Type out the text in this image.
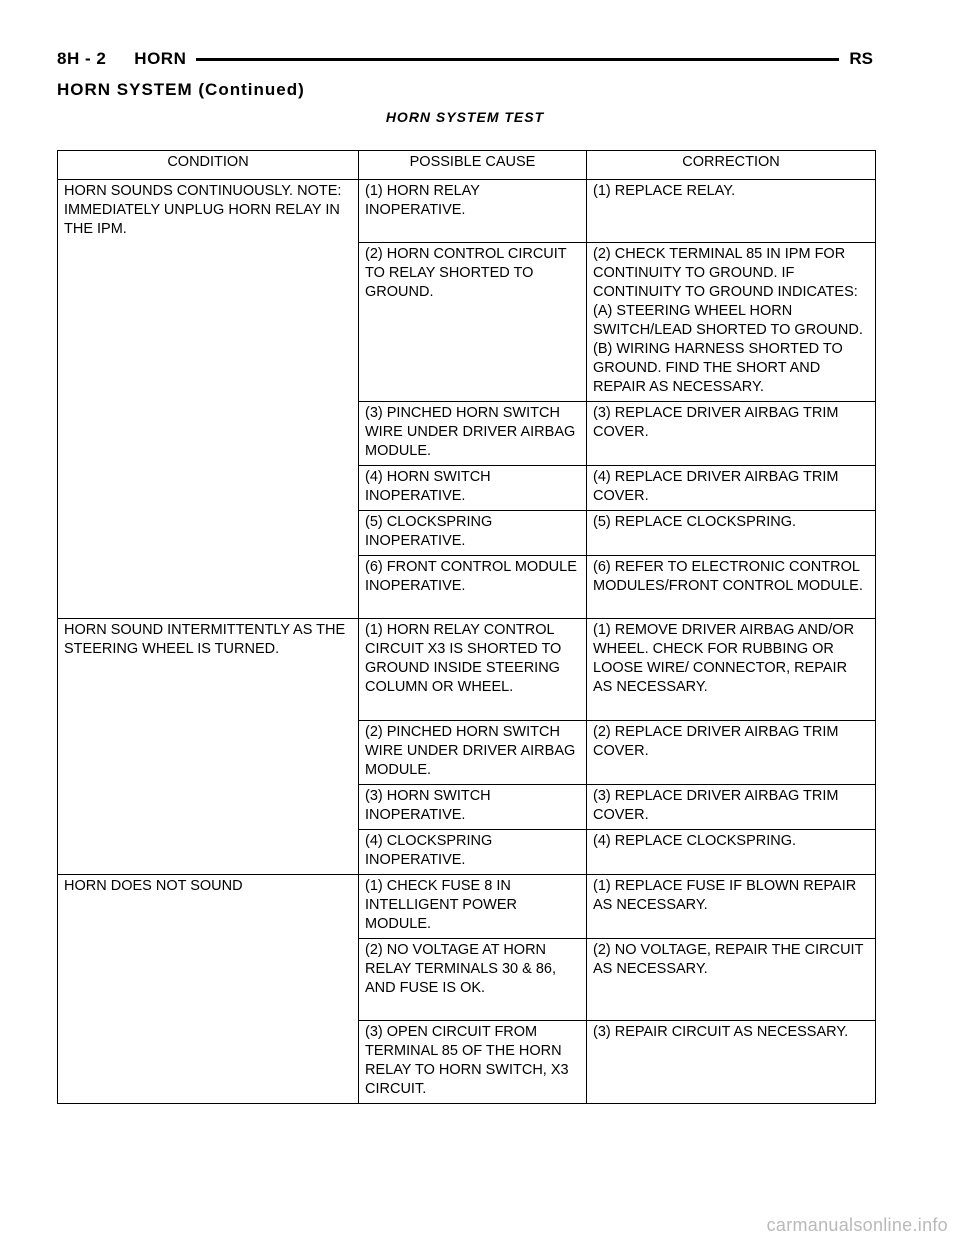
8H - 2 HORN	RS
HORN SYSTEM (Continued)
HORN SYSTEM TEST
CONDITION	POSSIBLE CAUSE	CORRECTION
HORN SOUNDS CONTINUOUSLY. NOTE: IMMEDIATELY UNPLUG HORN RELAY IN THE IPM.	(1) HORN RELAY INOPERATIVE.	(1) REPLACE RELAY.
	(2) HORN CONTROL CIRCUIT TO RELAY SHORTED TO GROUND.	(2) CHECK TERMINAL 85 IN IPM FOR CONTINUITY TO GROUND. IF CONTINUITY TO GROUND INDICATES:
(A) STEERING WHEEL HORN SWITCH/LEAD SHORTED TO GROUND.
(B) WIRING HARNESS SHORTED TO GROUND. FIND THE SHORT AND REPAIR AS NECESSARY.
	(3) PINCHED HORN SWITCH WIRE UNDER DRIVER AIRBAG MODULE.	(3) REPLACE DRIVER AIRBAG TRIM COVER.
	(4) HORN SWITCH INOPERATIVE.	(4) REPLACE DRIVER AIRBAG TRIM COVER.
	(5) CLOCKSPRING INOPERATIVE.	(5) REPLACE CLOCKSPRING.
	(6) FRONT CONTROL MODULE INOPERATIVE.	(6) REFER TO ELECTRONIC CONTROL MODULES/FRONT CONTROL MODULE.
HORN SOUND INTERMITTENTLY AS THE STEERING WHEEL IS TURNED.	(1) HORN RELAY CONTROL CIRCUIT X3 IS SHORTED TO GROUND INSIDE STEERING COLUMN OR WHEEL.	(1) REMOVE DRIVER AIRBAG AND/OR WHEEL. CHECK FOR RUBBING OR LOOSE WIRE/ CONNECTOR, REPAIR AS NECESSARY.
	(2) PINCHED HORN SWITCH WIRE UNDER DRIVER AIRBAG MODULE.	(2) REPLACE DRIVER AIRBAG TRIM COVER.
	(3) HORN SWITCH INOPERATIVE.	(3) REPLACE DRIVER AIRBAG TRIM COVER.
	(4) CLOCKSPRING INOPERATIVE.	(4) REPLACE CLOCKSPRING.
HORN DOES NOT SOUND	(1) CHECK FUSE 8 IN INTELLIGENT POWER MODULE.	(1) REPLACE FUSE IF BLOWN REPAIR AS NECESSARY.
	(2) NO VOLTAGE AT HORN RELAY TERMINALS 30 & 86, AND FUSE IS OK.	(2) NO VOLTAGE, REPAIR THE CIRCUIT AS NECESSARY.
	(3) OPEN CIRCUIT FROM TERMINAL 85 OF THE HORN RELAY TO HORN SWITCH, X3 CIRCUIT.	(3) REPAIR CIRCUIT AS NECESSARY.
carmanualsonline.info
